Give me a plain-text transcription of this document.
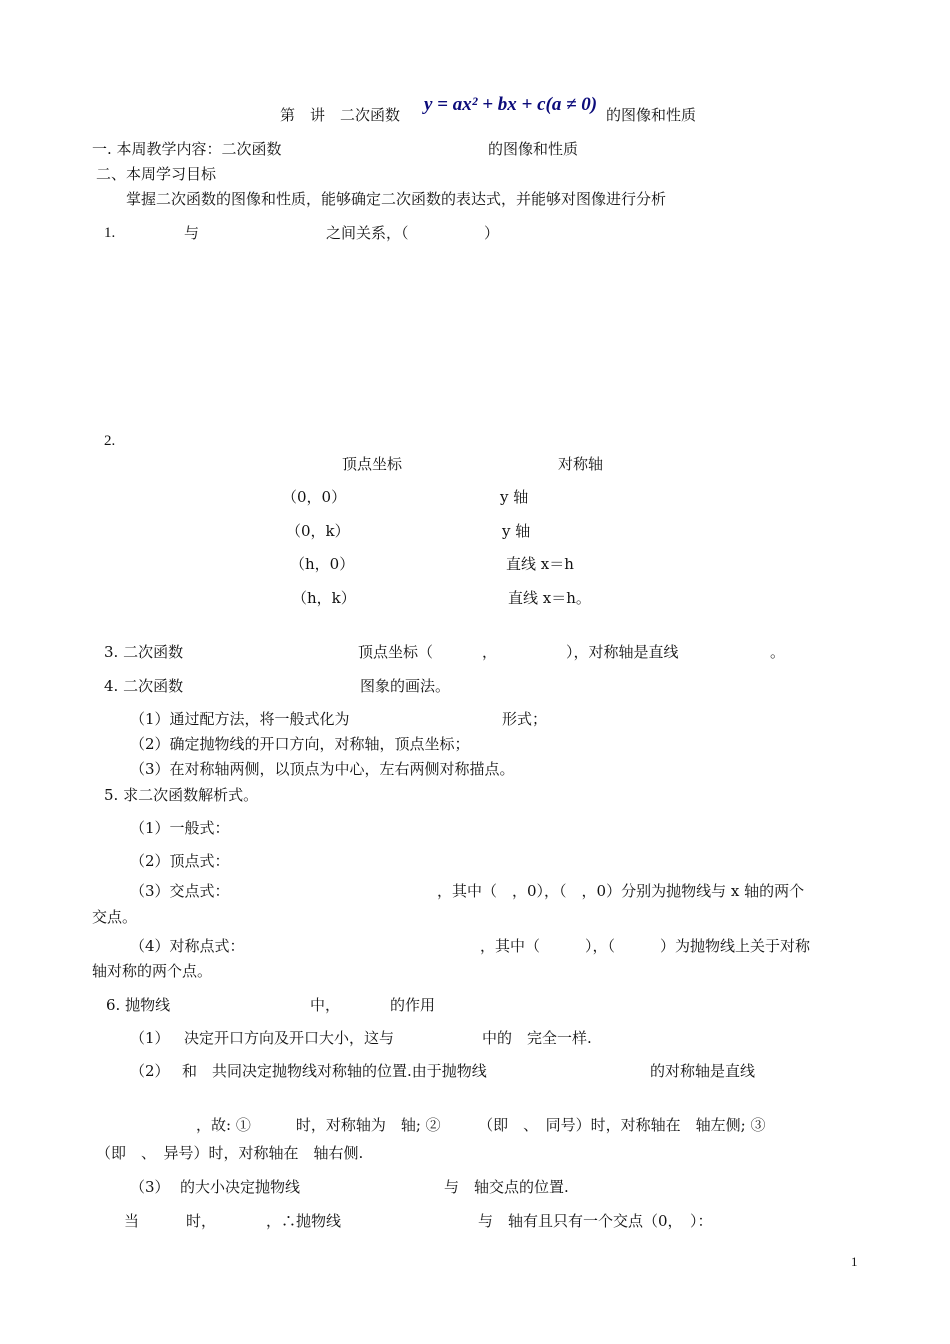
第　讲　二次函数 y = ax² + bx + c(a ≠ 0) 的图像和性质
一. 本周教学内容：二次函数	的图像和性质
二、本周学习目标
掌握二次函数的图像和性质，能够确定二次函数的表达式，并能够对图像进行分析
1.	与	之间关系，（	）
2.
顶点坐标	对称轴
（0，0）	y 轴
（0，k）	y 轴
（h，0）	直线 x＝h
（h，k）	直线 x＝h。
3. 二次函数	顶点坐标（	，	），对称轴是直线	。
4. 二次函数	图象的画法。
（1）通过配方法，将一般式化为	形式；
（2）确定抛物线的开口方向，对称轴，顶点坐标；
（3）在对称轴两侧，以顶点为中心，左右两侧对称描点。
5. 求二次函数解析式。
（1）一般式：
（2）顶点式：
（3）交点式：	，其中（　，0），（　，0）分别为抛物线与 x 轴的两个
交点。
（4）对称点式：	，其中（　　　），（　　　）为抛物线上关于对称
轴对称的两个点。
6. 抛物线	中，	的作用
（1） 决定开口方向及开口大小，这与	中的　完全一样.
（2） 和　共同决定抛物线对称轴的位置.由于抛物线	的对称轴是直线
，故: ①　　　时，对称轴为　轴; ②　　　（即　、　同号）时，对称轴在　轴左侧; ③
（即　、　异号）时，对称轴在　轴右侧.
（3） 的大小决定抛物线	与　轴交点的位置.
当	时，	，∴抛物线	与　轴有且只有一个交点（0，　）：
1
